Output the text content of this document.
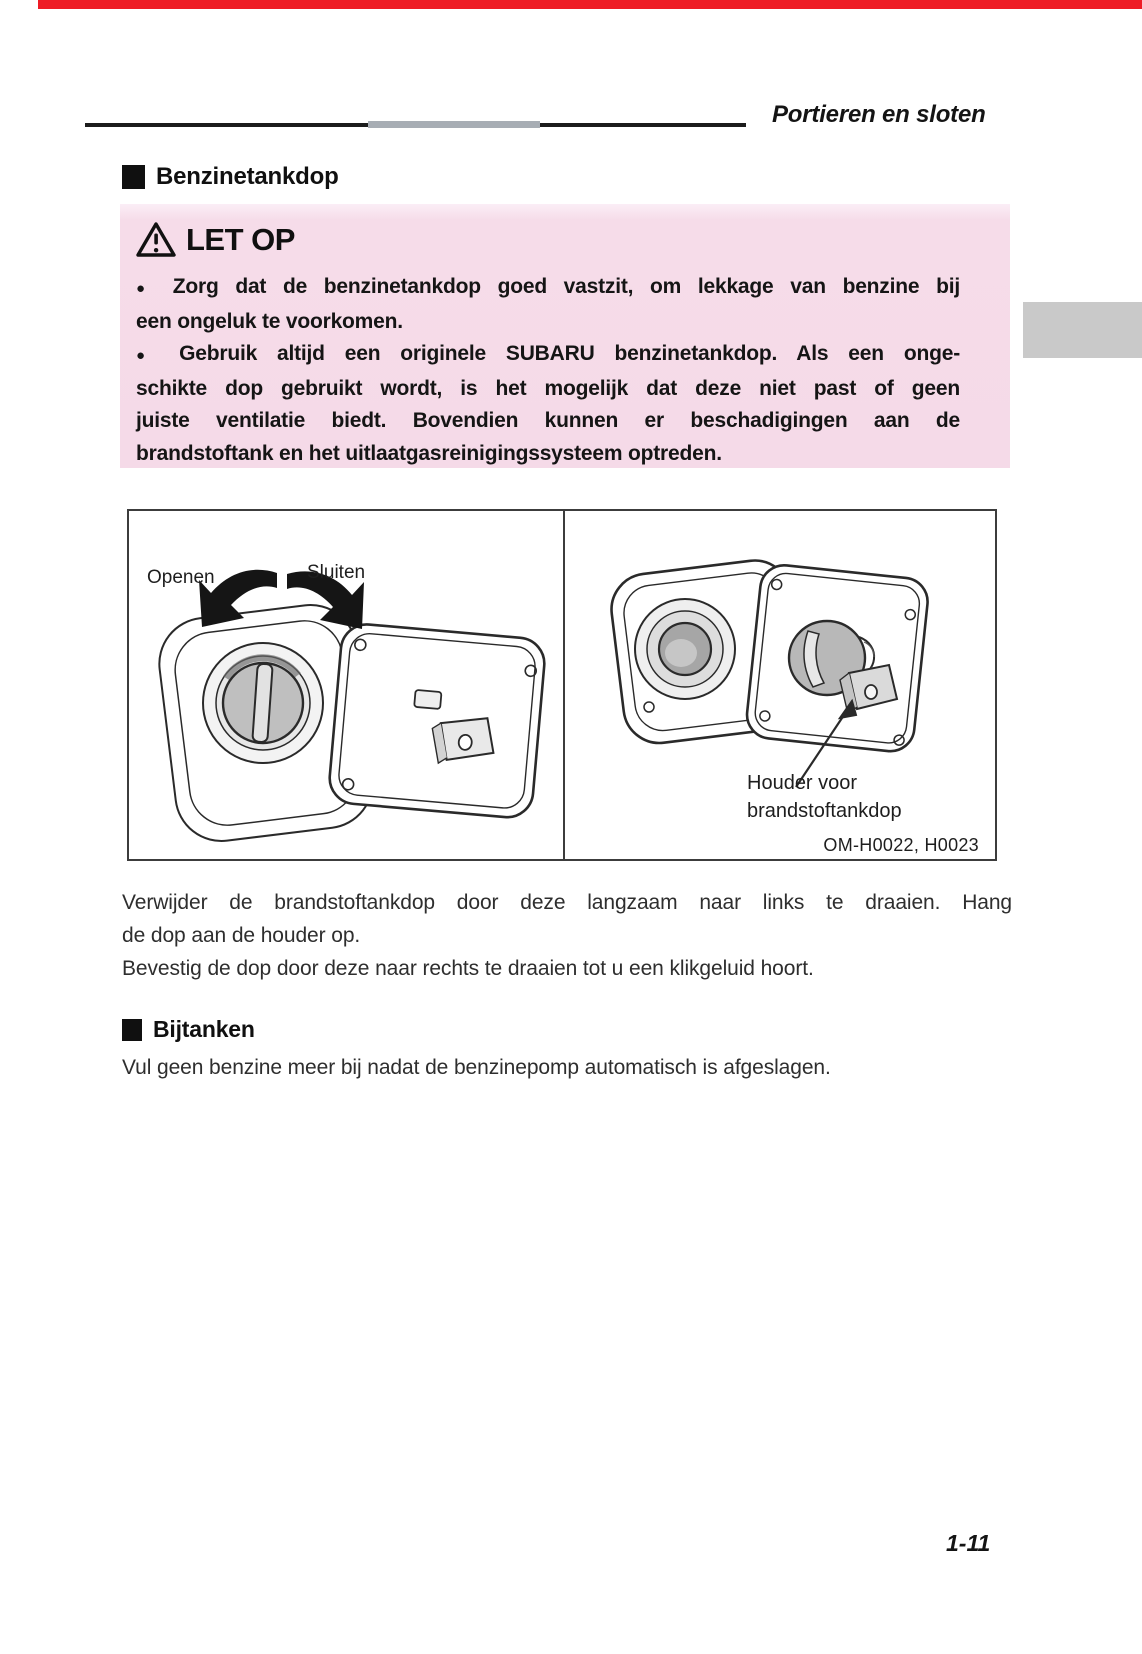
Portieren en sloten
Benzinetankdop
LET OP
● Zorg dat de benzinetankdop goed vastzit, om lekkage van benzine bij
een ongeluk te voorkomen.
● Gebruik altijd een originele SUBARU benzinetankdop. Als een onge-
schikte dop gebruikt wordt, is het mogelijk dat deze niet past of geen
juiste ventilatie biedt. Bovendien kunnen er beschadigingen aan de
brandstoftank en het uitlaatgasreinigingssysteem optreden.
Openen	Sluiten
Houder voor
brandstoftankdop
OM-H0022, H0023
Verwijder de brandstoftankdop door deze langzaam naar links te draaien. Hang
de dop aan de houder op.
Bevestig de dop door deze naar rechts te draaien tot u een klikgeluid hoort.
Bijtanken
Vul geen benzine meer bij nadat de benzinepomp automatisch is afgeslagen.
1-11
